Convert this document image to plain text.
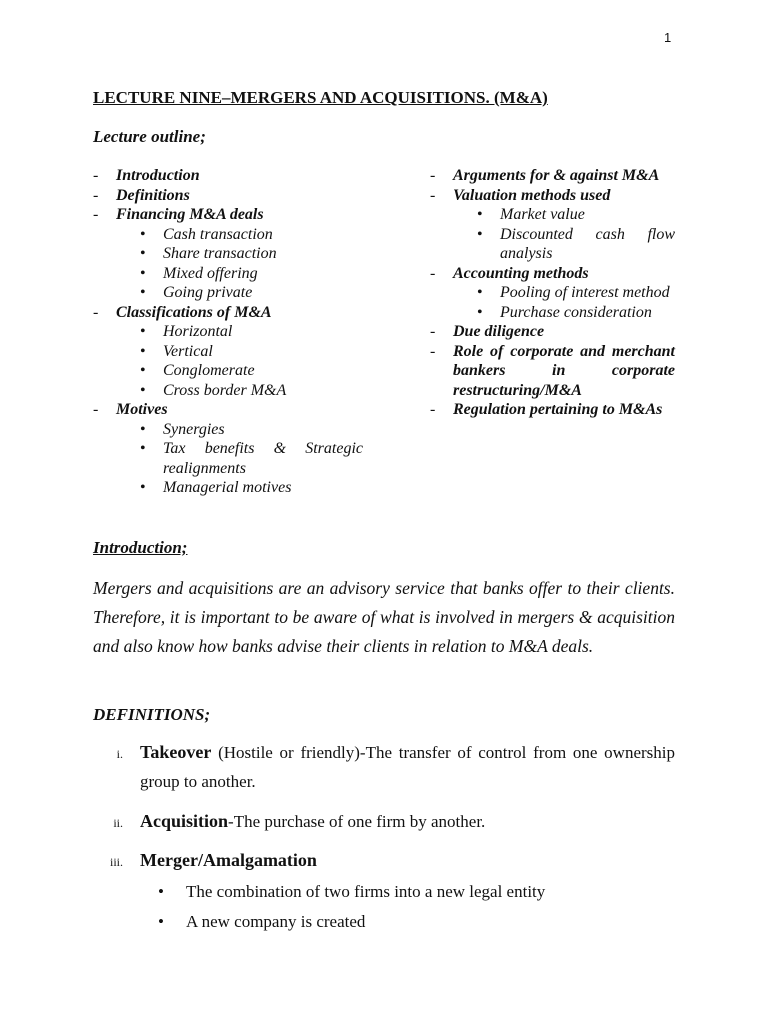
1
LECTURE NINE–MERGERS AND ACQUISITIONS. (M&A)
Lecture outline;
- Introduction
- Definitions
- Financing M&A deals
• Cash transaction
• Share transaction
• Mixed offering
• Going private
- Classifications of M&A
• Horizontal
• Vertical
• Conglomerate
• Cross border M&A
- Motives
• Synergies
• Tax benefits & Strategic realignments
• Managerial motives
- Arguments for & against M&A
- Valuation methods used
• Market value
• Discounted cash flow analysis
- Accounting methods
• Pooling of interest method
• Purchase consideration
- Due diligence
- Role of corporate and merchant bankers in corporate restructuring/M&A
- Regulation pertaining to M&As
Introduction;
Mergers and acquisitions are an advisory service that banks offer to their clients. Therefore, it is important to be aware of what is involved in mergers & acquisition and also know how banks advise their clients in relation to M&A deals.
DEFINITIONS;
i. Takeover (Hostile or friendly)-The transfer of control from one ownership group to another.
ii. Acquisition-The purchase of one firm by another.
iii. Merger/Amalgamation
• The combination of two firms into a new legal entity
• A new company is created
